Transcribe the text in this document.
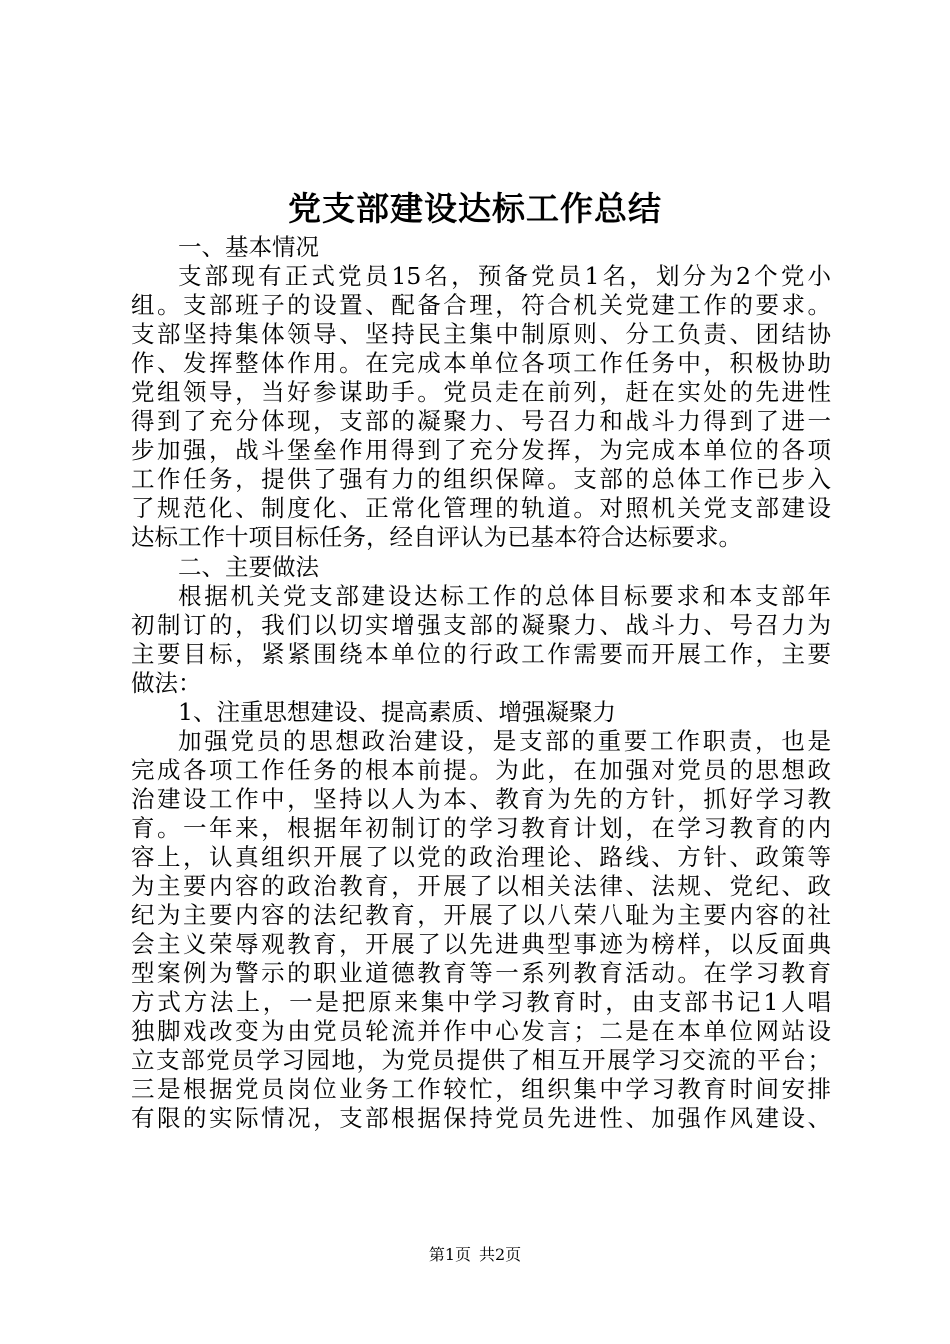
党支部建设达标工作总结
一、基本情况
支部现有正式党员15名，预备党员1名，划分为2个党小
组。支部班子的设置、配备合理，符合机关党建工作的要求。
支部坚持集体领导、坚持民主集中制原则、分工负责、团结协
作、发挥整体作用。在完成本单位各项工作任务中，积极协助
党组领导，当好参谋助手。党员走在前列，赶在实处的先进性
得到了充分体现，支部的凝聚力、号召力和战斗力得到了进一
步加强，战斗堡垒作用得到了充分发挥，为完成本单位的各项
工作任务，提供了强有力的组织保障。支部的总体工作已步入
了规范化、制度化、正常化管理的轨道。对照机关党支部建设
达标工作十项目标任务，经自评认为已基本符合达标要求。
二、主要做法
根据机关党支部建设达标工作的总体目标要求和本支部年
初制订的，我们以切实增强支部的凝聚力、战斗力、号召力为
主要目标，紧紧围绕本单位的行政工作需要而开展工作，主要
做法：
1、注重思想建设、提高素质、增强凝聚力
加强党员的思想政治建设，是支部的重要工作职责，也是
完成各项工作任务的根本前提。为此，在加强对党员的思想政
治建设工作中，坚持以人为本、教育为先的方针，抓好学习教
育。一年来，根据年初制订的学习教育计划，在学习教育的内
容上，认真组织开展了以党的政治理论、路线、方针、政策等
为主要内容的政治教育，开展了以相关法律、法规、党纪、政
纪为主要内容的法纪教育，开展了以八荣八耻为主要内容的社
会主义荣辱观教育，开展了以先进典型事迹为榜样，以反面典
型案例为警示的职业道德教育等一系列教育活动。在学习教育
方式方法上，一是把原来集中学习教育时，由支部书记1人唱
独脚戏改变为由党员轮流并作中心发言；二是在本单位网站设
立支部党员学习园地，为党员提供了相互开展学习交流的平台；
三是根据党员岗位业务工作较忙，组织集中学习教育时间安排
有限的实际情况，支部根据保持党员先进性、加强作风建设、
第1页 共2页
